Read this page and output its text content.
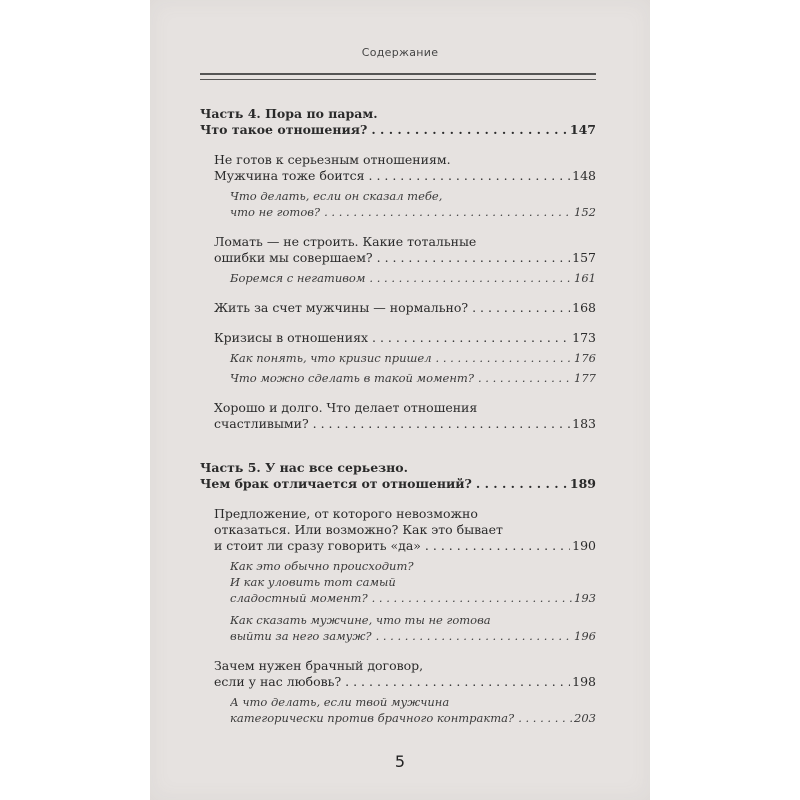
Содержание
Часть 4. Пора по парам.
Что такое отношения? . . .	147
Не готов к серьезным отношениям.
Мужчина тоже боится . . .	148
Что делать, если он сказал тебе,
что не готов? . . .	152
Ломать — не строить. Какие тотальные
ошибки мы совершаем? . . .	157
Боремся с негативом . . .	161
Жить за счет мужчины — нормально? . . .	168
Кризисы в отношениях . . .	173
Как понять, что кризис пришел . . .	176
Что можно сделать в такой момент? . . .	177
Хорошо и долго. Что делает отношения
счастливыми? . . .	183
Часть 5. У нас все серьезно.
Чем брак отличается от отношений? . . .	189
Предложение, от которого невозможно
отказаться. Или возможно? Как это бывает
и стоит ли сразу говорить «да» . . .	190
Как это обычно происходит?
И как уловить тот самый
сладостный момент? . . .	193
Как сказать мужчине, что ты не готова
выйти за него замуж? . . .	196
Зачем нужен брачный договор,
если у нас любовь? . . .	198
А что делать, если твой мужчина
категорически против брачного контракта? . . .	203
5
